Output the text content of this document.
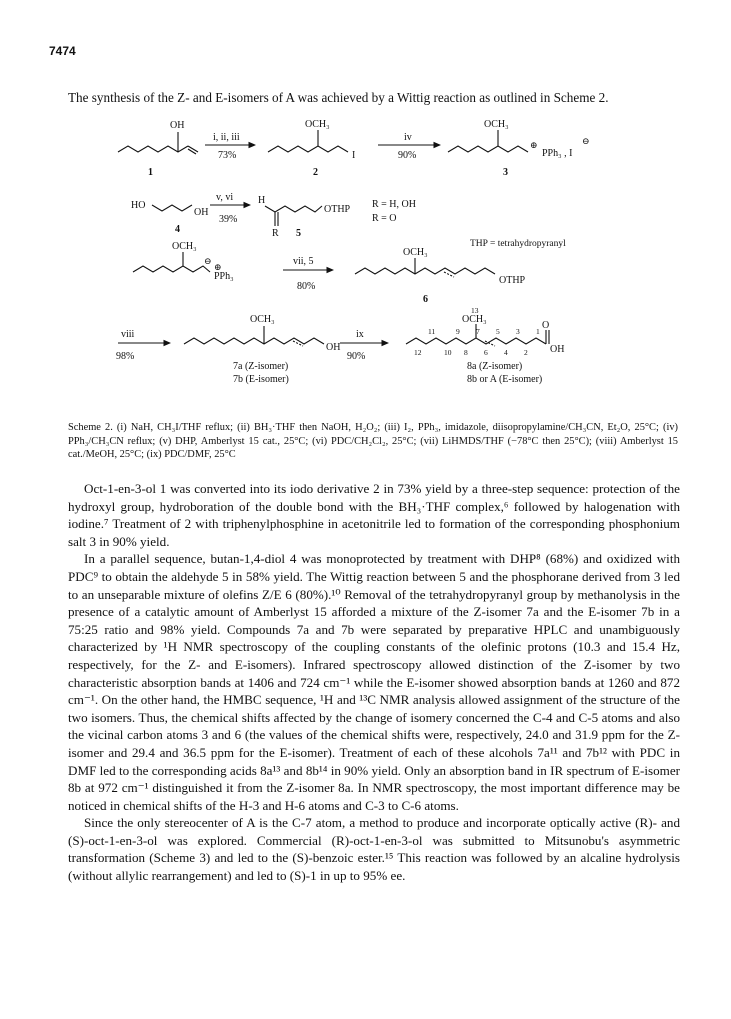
7474
The synthesis of the Z- and E-isomers of A was achieved by a Wittig reaction as outlined in Scheme 2.
OH
1
i, ii, iii
73%
OCH₃
I
2
iv
90%
OCH₃
⊕
PPh₃ , I
⊖
3
HO
OH
4
v, vi
39%
H
R
OTHP
5
R = H, OH
R = O
THP = tetrahydropyranyl
OCH₃
⊖
⊕
PPh₃
vii, 5
80%
OCH₃
OTHP
6
viii
98%
OCH₃
OH
7a (Z-isomer)
7b (E-isomer)
ix
90%
13
OCH₃
O
OH
11	9 7 5 3 1
12	10 8 6 4 2
8a (Z-isomer)
8b or A (E-isomer)
Scheme 2. (i) NaH, CH₃I/THF reflux; (ii) BH₃·THF then NaOH, H₂O₂; (iii) I₂, PPh₃, imidazole, diisopropylamine/CH₃CN, Et₂O, 25°C; (iv) PPh₃/CH₃CN reflux; (v) DHP, Amberlyst 15 cat., 25°C; (vi) PDC/CH₂Cl₂, 25°C; (vii) LiHMDS/THF (−78°C then 25°C); (viii) Amberlyst 15 cat./MeOH, 25°C; (ix) PDC/DMF, 25°C

Oct-1-en-3-ol 1 was converted into its iodo derivative 2 in 73% yield by a three-step sequence: protection of the hydroxyl group, hydroboration of the double bond with the BH₃·THF complex,⁶ followed by halogenation with iodine.⁷ Treatment of 2 with triphenylphosphine in acetonitrile led to formation of the corresponding phosphonium salt 3 in 90% yield.

In a parallel sequence, butan-1,4-diol 4 was monoprotected by treatment with DHP⁸ (68%) and oxidized with PDC⁹ to obtain the aldehyde 5 in 58% yield. The Wittig reaction between 5 and the phosphorane derived from 3 led to an unseparable mixture of olefins Z/E 6 (80%).¹⁰ Removal of the tetrahydropyranyl group by methanolysis in the presence of a catalytic amount of Amberlyst 15 afforded a mixture of the Z-isomer 7a and the E-isomer 7b in a 75:25 ratio and 98% yield. Compounds 7a and 7b were separated by preparative HPLC and unambiguously characterized by ¹H NMR spectroscopy of the coupling constants of the olefinic protons (10.3 and 15.4 Hz, respectively, for the Z- and E-isomers). Infrared spectroscopy allowed distinction of the Z-isomer by two characteristic absorption bands at 1406 and 724 cm⁻¹ while the E-isomer showed absorption bands at 1260 and 872 cm⁻¹. On the other hand, the HMBC sequence, ¹H and ¹³C NMR analysis allowed assignment of the structure of the two isomers. Thus, the chemical shifts affected by the change of isomery concerned the C-4 and C-5 atoms and also the vicinal carbon atoms 3 and 6 (the values of the chemical shifts were, respectively, 24.0 and 31.9 ppm for the Z-isomer and 29.4 and 36.5 ppm for the E-isomer). Treatment of each of these alcohols 7a¹¹ and 7b¹² with PDC in DMF led to the corresponding acids 8a¹³ and 8b¹⁴ in 90% yield. Only an absorption band in IR spectrum of E-isomer 8b at 972 cm⁻¹ distinguished it from the Z-isomer 8a. In NMR spectroscopy, the most important difference may be noticed in chemical shifts of the H-3 and H-6 atoms and C-3 to C-6 atoms.

Since the only stereocenter of A is the C-7 atom, a method to produce and incorporate optically active (R)- and (S)-oct-1-en-3-ol was explored. Commercial (R)-oct-1-en-3-ol was submitted to Mitsunobu's asymmetric transformation (Scheme 3) and led to the (S)-benzoic ester.¹⁵ This reaction was followed by an alcaline hydrolysis (without allylic rearrangement) and led to (S)-1 in up to 95% ee.
